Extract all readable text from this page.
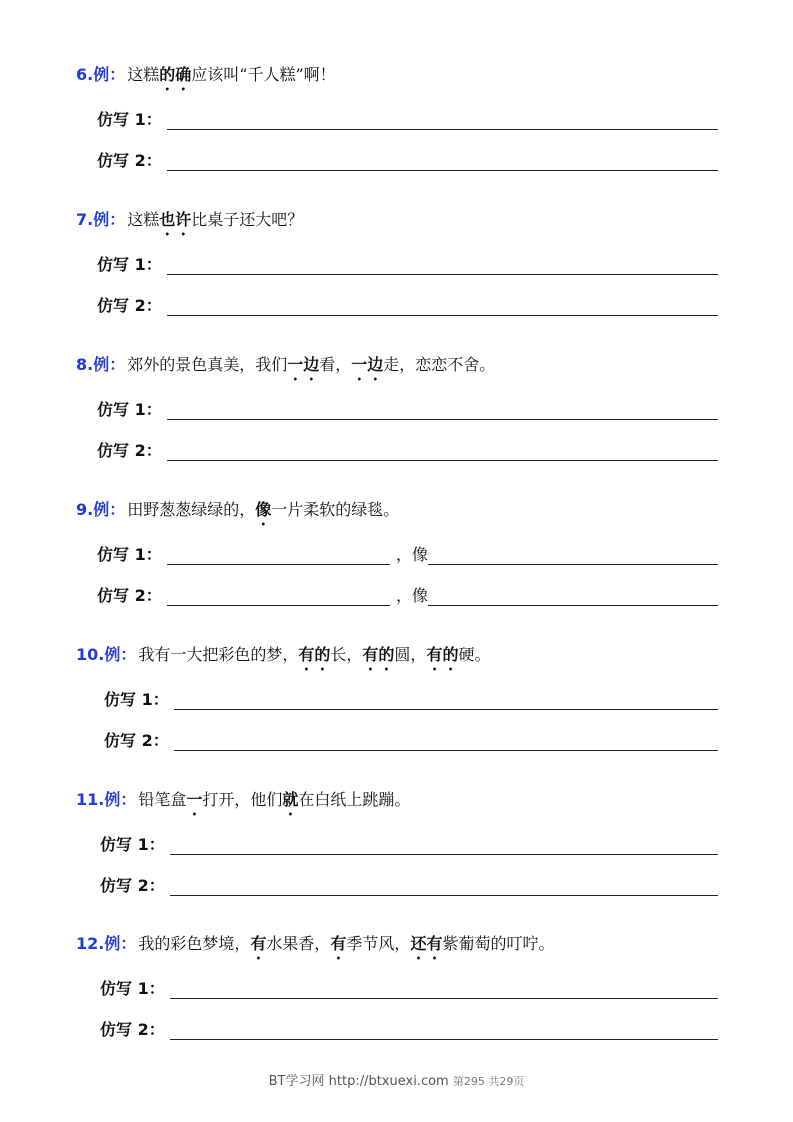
6.例： 这糕的确应该叫“千人糕”啊！
仿写 1：
仿写 2：
7.例： 这糕也许比桌子还大吧？
仿写 1：
仿写 2：
8.例： 郊外的景色真美，我们一边看，一边走，恋恋不舍。
仿写 1：
仿写 2：
9.例： 田野葱葱绿绿的，像一片柔软的绿毯。
仿写 1：	，像
仿写 2：	，像
10.例： 我有一大把彩色的梦，有的长，有的圆，有的硬。
仿写 1：
仿写 2：
11.例： 铅笔盒一打开，他们就在白纸上跳蹦。
仿写 1：
仿写 2：
12.例： 我的彩色梦境，有水果香，有季节风，还有紫葡萄的叮咛。
仿写 1：
仿写 2：
BT学习网 http://btxuexi.com 第295 共29页
